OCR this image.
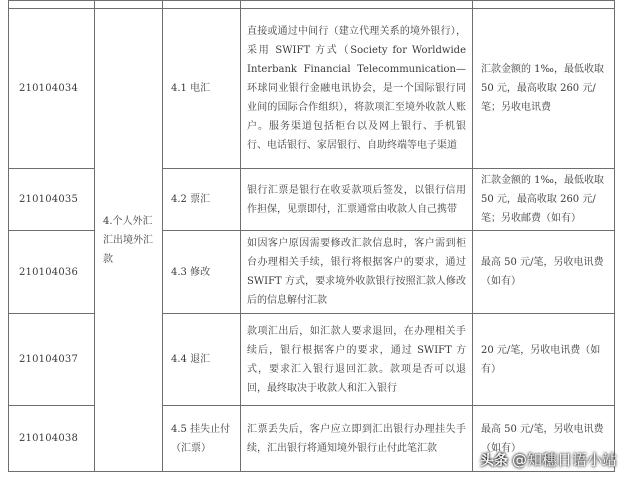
210104034	4.个人外汇汇出境外汇款	4.1 电汇	直接或通过中间行（建立代理关系的境外银行），采用 SWIFT 方式（Society for Worldwide Interbank Financial Telecommunication—环球同业银行金融电讯协会，是一个国际银行同业间的国际合作组织），将款项汇至境外收款人账户。服务渠道包括柜台以及网上银行、手机银行、电话银行、家居银行、自助终端等电子渠道	汇款金额的 1‰，最低收取 50 元，最高收取 260 元/笔；另收电讯费
210104035		4.2 票汇	银行汇票是银行在收妥款项后签发，以银行信用作担保，见票即付，汇票通常由收款人自己携带	汇款金额的 1‰，最低收取 50 元，最高收取 260 元/笔；另收邮费（如有）
210104036		4.3 修改	如因客户原因需要修改汇款信息时，客户需到柜台办理相关手续，银行将根据客户的要求，通过 SWIFT 方式，要求境外收款银行按照汇款人修改后的信息解付汇款	最高 50 元/笔，另收电讯费（如有）
210104037		4.4 退汇	款项汇出后，如汇款人要求退回，在办理相关手续后，银行根据客户的要求，通过 SWIFT 方式，要求汇入银行退回汇款。款项是否可以退回，最终取决于收款人和汇入银行	20 元/笔，另收电讯费（如有）
210104038		4.5 挂失止付（汇票）	汇票丢失后，客户应立即到汇出银行办理挂失手续，汇出银行将通知境外银行止付此笔汇款	最高 50 元/笔，另收电讯费（如有）
头条 @知穗日语小站
